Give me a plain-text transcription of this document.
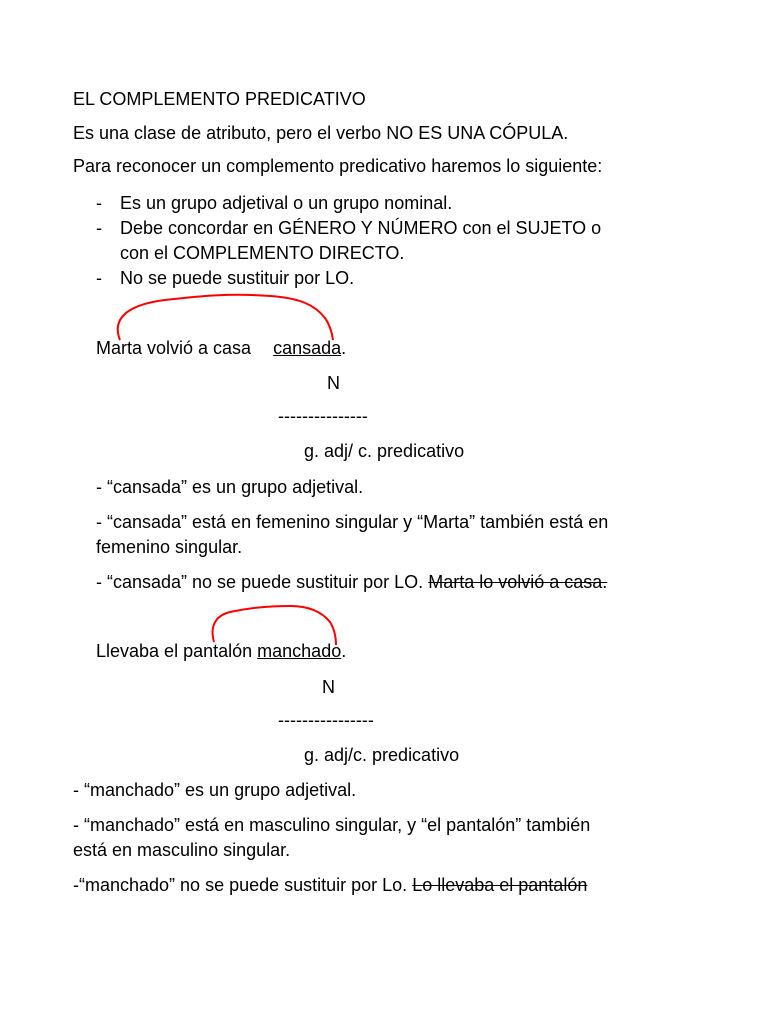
EL COMPLEMENTO PREDICATIVO
Es una clase de atributo, pero el verbo NO ES UNA CÓPULA.
Para reconocer un complemento predicativo haremos lo siguiente:
- Es un grupo adjetival o un grupo nominal.
- Debe concordar en GÉNERO Y NÚMERO con el SUJETO o
con el COMPLEMENTO DIRECTO.
- No se puede sustituir por LO.
Marta volvió a casa cansada.
N
---------------
g. adj/ c. predicativo
- “cansada” es un grupo adjetival.
- “cansada” está en femenino singular y “Marta” también está en
femenino singular.
- “cansada” no se puede sustituir por LO. Marta lo volvió a casa.
Llevaba el pantalón manchado.
N
----------------
g. adj/c. predicativo
- “manchado” es un grupo adjetival.
- “manchado” está en masculino singular, y “el pantalón” también
está en masculino singular.
-“manchado” no se puede sustituir por Lo. Lo llevaba el pantalón
